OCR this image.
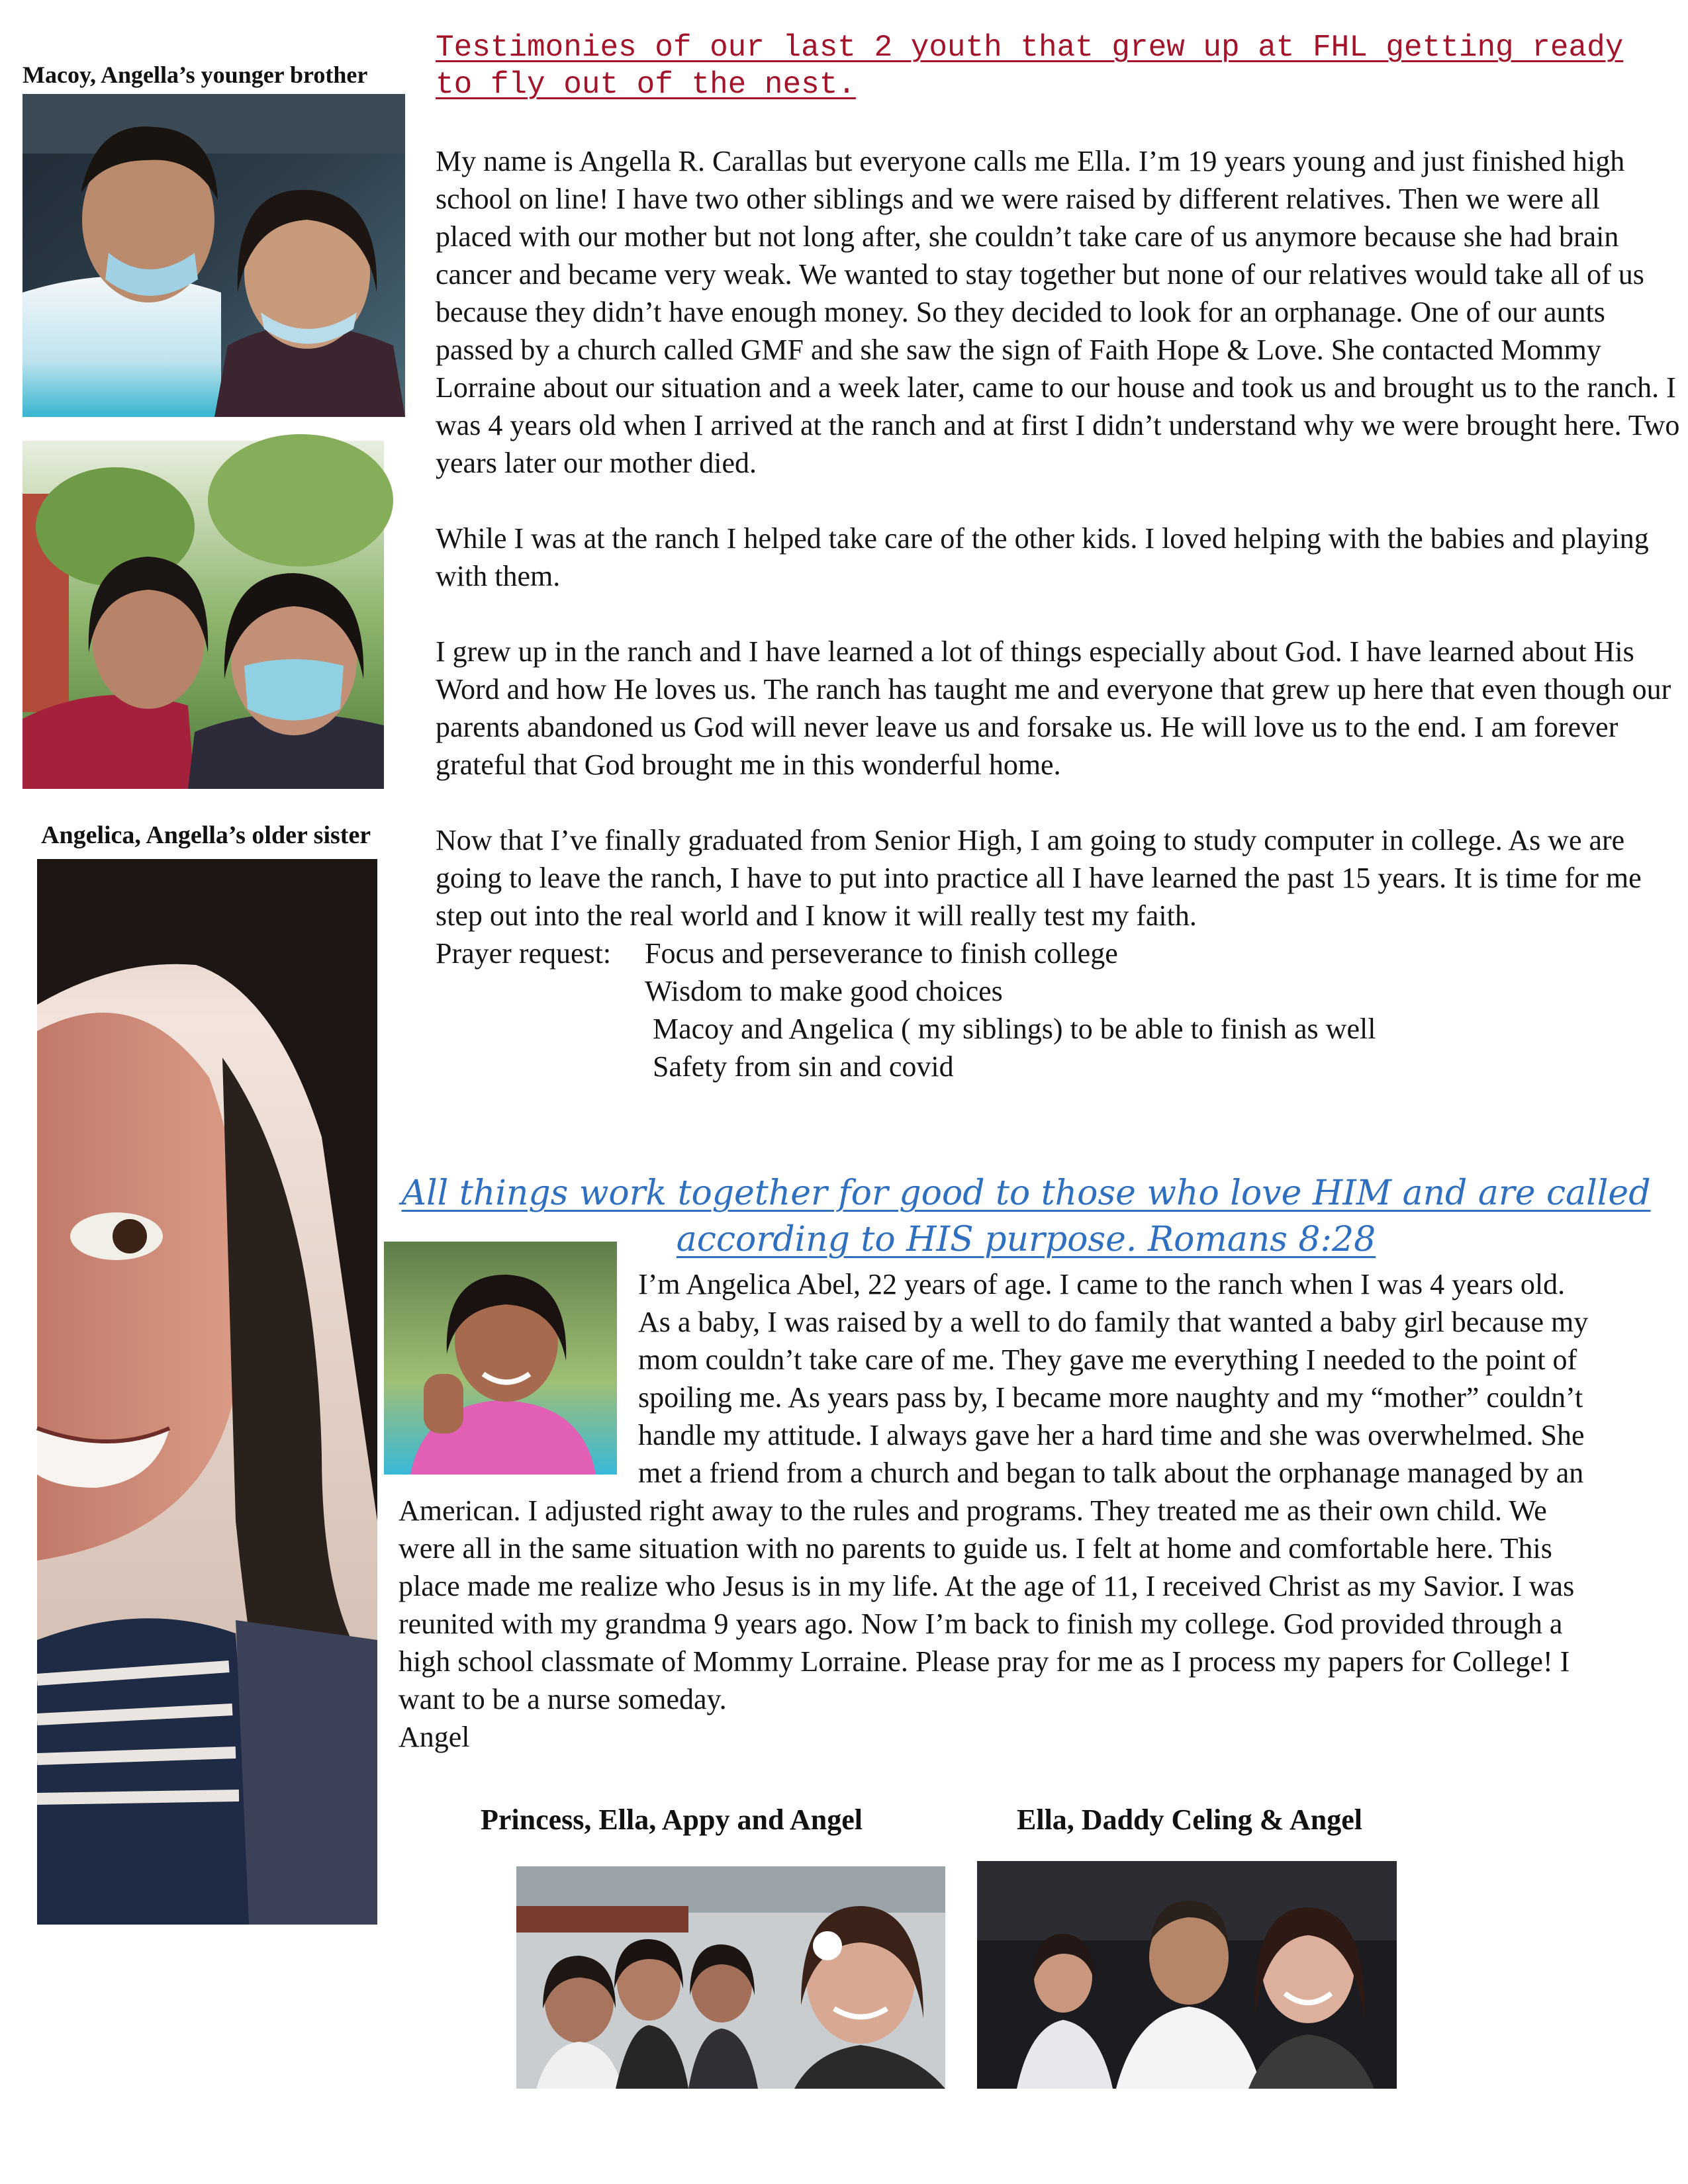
Macoy, Angella’s younger brother
Angelica, Angella’s older sister
Testimonies of our last 2 youth that grew up at FHL getting ready to fly out of the nest.

My name is Angella R. Carallas but everyone calls me Ella. I’m 19 years young and just finished high school on line! I have two other siblings and we were raised by different relatives. Then we were all placed with our mother but not long after, she couldn’t take care of us anymore because she had brain cancer and became very weak. We wanted to stay together but none of our relatives would take all of us because they didn’t have enough money. So they decided to look for an orphanage. One of our aunts passed by a church called GMF and she saw the sign of Faith Hope & Love. She contacted Mommy Lorraine about our situation and a week later, came to our house and took us and brought us to the ranch. I was 4 years old when I arrived at the ranch and at first I didn’t understand why we were brought here. Two years later our mother died.

While I was at the ranch I helped take care of the other kids. I loved helping with the babies and playing with them.

I grew up in the ranch and I have learned a lot of things especially about God. I have learned about His Word and how He loves us. The ranch has taught me and everyone that grew up here that even though our parents abandoned us God will never leave us and forsake us. He will love us to the end. I am forever grateful that God brought me in this wonderful home.

Now that I’ve finally graduated from Senior High, I am going to study computer in college. As we are going to leave the ranch, I have to put into practice all I have learned the past 15 years. It is time for me step out into the real world and I know it will really test my faith.

Prayer request:	Focus and perseverance to finish college
Wisdom to make good choices
Macoy and Angelica ( my siblings) to be able to finish as well
Safety from sin and covid
All things work together for good to those who love HIM and are called according to HIS purpose. Romans 8:28

I’m Angelica Abel, 22 years of age. I came to the ranch when I was 4 years old. As a baby, I was raised by a well to do family that wanted a baby girl because my mom couldn’t take care of me. They gave me everything I needed to the point of spoiling me. As years pass by, I became more naughty and my “mother” couldn’t handle my attitude. I always gave her a hard time and she was overwhelmed. She met a friend from a church and began to talk about the orphanage managed by an American. I adjusted right away to the rules and programs. They treated me as their own child. We were all in the same situation with no parents to guide us. I felt at home and comfortable here. This place made me realize who Jesus is in my life. At the age of 11, I received Christ as my Savior. I was reunited with my grandma 9 years ago. Now I’m back to finish my college. God provided through a high school classmate of Mommy Lorraine. Please pray for me as I process my papers for College! I want to be a nurse someday.

Angel
Princess, Ella, Appy and Angel	Ella, Daddy Celing & Angel
